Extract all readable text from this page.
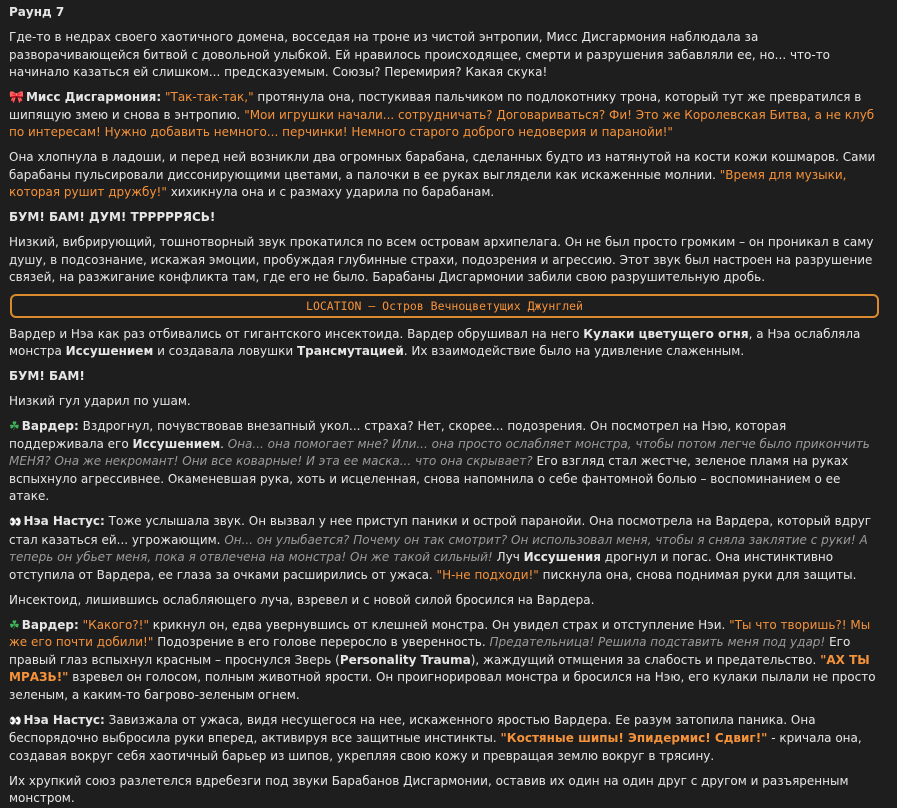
Раунд 7

Где-то в недрах своего хаотичного домена, восседая на троне из чистой энтропии, Мисс Дисгармония наблюдала за разворачивающейся битвой с довольной улыбкой. Ей нравилось происходящее, смерти и разрушения забавляли ее, но... что-то начинало казаться ей слишком... предсказуемым. Союзы? Перемирия? Какая скука!

🎀 Мисс Дисгармония: "Так-так-так," протянула она, постукивая пальчиком по подлокотнику трона, который тут же превратился в шипящую змею и снова в энтропию. "Мои игрушки начали... сотрудничать? Договариваться? Фи! Это же Королевская Битва, а не клуб по интересам! Нужно добавить немного... перчинки! Немного старого доброго недоверия и паранойи!"

Она хлопнула в ладоши, и перед ней возникли два огромных барабана, сделанных будто из натянутой на кости кожи кошмаров. Сами барабаны пульсировали диссонирующими цветами, а палочки в ее руках выглядели как искаженные молнии. "Время для музыки, которая рушит дружбу!" хихикнула она и с размаху ударила по барабанам.

БУМ! БАМ! ДУМ! ТРРРРРЯСЬ!

Низкий, вибрирующий, тошнотворный звук прокатился по всем островам архипелага. Он не был просто громким – он проникал в саму душу, в подсознание, искажая эмоции, пробуждая глубинные страхи, подозрения и агрессию. Этот звук был настроен на разрушение связей, на разжигание конфликта там, где его не было. Барабаны Дисгармонии забили свою разрушительную дробь.

LOCATION – Остров Вечноцветущих Джунглей

Вардер и Нэа как раз отбивались от гигантского инсектоида. Вардер обрушивал на него Кулаки цветущего огня, а Нэа ослабляла монстра Иссушением и создавала ловушки Трансмутацией. Их взаимодействие было на удивление слаженным.

БУМ! БАМ!

Низкий гул ударил по ушам.

☘ Вардер: Вздрогнул, почувствовав внезапный укол... страха? Нет, скорее... подозрения. Он посмотрел на Нэю, которая поддерживала его Иссушением. Она... она помогает мне? Или... она просто ослабляет монстра, чтобы потом легче было прикончить МЕНЯ? Она же некромант! Они все коварные! И эта ее маска... что она скрывает? Его взгляд стал жестче, зеленое пламя на руках вспыхнуло агрессивнее. Окаменевшая рука, хоть и исцеленная, снова напомнила о себе фантомной болью – воспоминанием о ее атаке.

👀 Нэа Настус: Тоже услышала звук. Он вызвал у нее приступ паники и острой паранойи. Она посмотрела на Вардера, который вдруг стал казаться ей... угрожающим. Он... он улыбается? Почему он так смотрит? Он использовал меня, чтобы я сняла заклятие с руки! А теперь он убьет меня, пока я отвлечена на монстра! Он же такой сильный! Луч Иссушения дрогнул и погас. Она инстинктивно отступила от Вардера, ее глаза за очками расширились от ужаса. "Н-не подходи!" пискнула она, снова поднимая руки для защиты.

Инсектоид, лишившись ослабляющего луча, взревел и с новой силой бросился на Вардера.

☘ Вардер: "Какого?!" крикнул он, едва увернувшись от клешней монстра. Он увидел страх и отступление Нэи. "Ты что творишь?! Мы же его почти добили!" Подозрение в его голове переросло в уверенность. Предательница! Решила подставить меня под удар! Его правый глаз вспыхнул красным – проснулся Зверь (Personality Trauma), жаждущий отмщения за слабость и предательство. "АХ ТЫ МРАЗЬ!" взревел он голосом, полным животной ярости. Он проигнорировал монстра и бросился на Нэю, его кулаки пылали не просто зеленым, а каким-то багрово-зеленым огнем.

👀 Нэа Настус: Завизжала от ужаса, видя несущегося на нее, искаженного яростью Вардера. Ее разум затопила паника. Она беспорядочно выбросила руки вперед, активируя все защитные инстинкты. "Костяные шипы! Эпидермис! Сдвиг!" - кричала она, создавая вокруг себя хаотичный барьер из шипов, укрепляя свою кожу и превращая землю вокруг в трясину.

Их хрупкий союз разлетелся вдребезги под звуки Барабанов Дисгармонии, оставив их один на один друг с другом и разъяренным монстром.
